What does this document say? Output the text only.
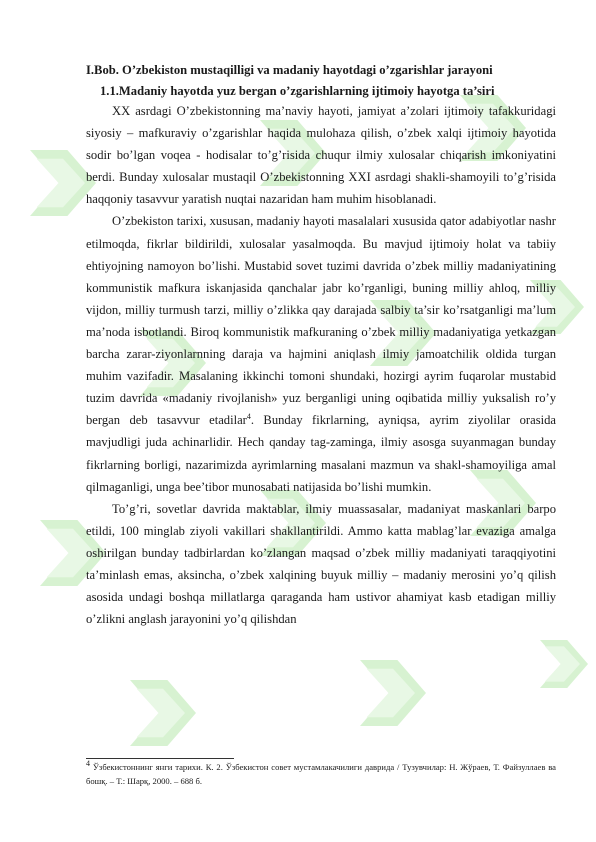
I.Bob. O’zbekiston mustaqilligi va madaniy hayotdagi o’zgarishlar jarayoni

1.1.Madaniy hayotda yuz bergan o’zgarishlarning ijtimoiy hayotga ta’siri

XX asrdagi O’zbekistonning ma’naviy hayoti, jamiyat a’zolari ijtimoiy tafakkuridagi siyosiy – mafkuraviy o’zgarishlar haqida mulohaza qilish, o’zbek xalqi ijtimoiy hayotida sodir bo’lgan voqea - hodisalar to’g’risida chuqur ilmiy xulosalar chiqarish imkoniyatini berdi. Bunday xulosalar mustaqil O’zbekistonning XXI asrdagi shakli-shamoyili to’g’risida haqqoniy tasavvur yaratish nuqtai nazaridan ham muhim hisoblanadi.

O’zbekiston tarixi, xususan, madaniy hayoti masalalari xususida qator adabiyotlar nashr etilmoqda, fikrlar bildirildi, xulosalar yasalmoqda. Bu mavjud ijtimoiy holat va tabiiy ehtiyojning namoyon bo’lishi. Mustabid sovet tuzimi davrida o’zbek milliy madaniyatining kommunistik mafkura iskanjasida qanchalar jabr ko’rganligi, buning milliy ahloq, milliy vijdon, milliy turmush tarzi, milliy o’zlikka qay darajada salbiy ta’sir ko’rsatganligi ma’lum ma’noda isbotlandi. Biroq kommunistik mafkuraning o’zbek milliy madaniyatiga yetkazgan barcha zarar-ziyonlarnning daraja va hajmini aniqlash ilmiy jamoatchilik oldida turgan muhim vazifadir. Masalaning ikkinchi tomoni shundaki, hozirgi ayrim fuqarolar mustabid tuzim davrida «madaniy rivojlanish» yuz berganligi uning oqibatida milliy yuksalish ro’y bergan deb tasavvur etadilar$^4$. Bunday fikrlarning, ayniqsa, ayrim ziyolilar orasida mavjudligi juda achinarlidir. Hech qanday tag-zaminga, ilmiy asosga suyanmagan bunday fikrlarning borligi, nazarimizda ayrimlarning masalani mazmun va shakl-shamoyiliga amal qilmaganligi, unga bee’tibor munosabati natijasida bo’lishi mumkin.

To’g’ri, sovetlar davrida maktablar, ilmiy muassasalar, madaniyat maskanlari barpo etildi, 100 minglab ziyoli vakillari shakllantirildi. Ammo katta mablag’lar evaziga amalga oshirilgan bunday tadbirlardan ko’zlangan maqsad o’zbek milliy madaniyati taraqqiyotini ta’minlash emas, aksincha, o’zbek xalqining buyuk milliy – madaniy merosini yo’q qilish asosida undagi boshqa millatlarga qaraganda ham ustivor ahamiyat kasb etadigan milliy o’zlikni anglash jarayonini yo’q qilishdan

$^4$ Ўзбекистоннинг янги тарихи. К. 2. Ўзбекистон совет мустамлакачилиги даврида / Тузувчилар: Н. Жўраев, Т. Файзуллаев ва бошқ. – Т.: Шарқ, 2000. – 688 б.
